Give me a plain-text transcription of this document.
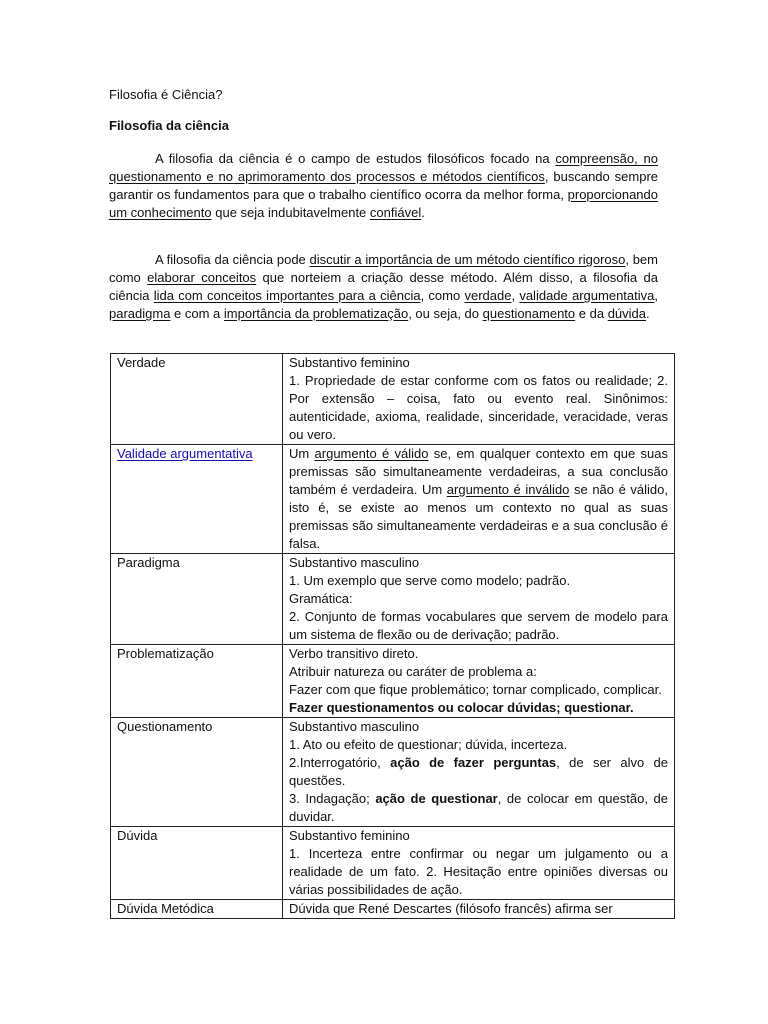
Filosofia é Ciência?
Filosofia da ciência

A filosofia da ciência é o campo de estudos filosóficos focado na compreensão, no questionamento e no aprimoramento dos processos e métodos científicos, buscando sempre garantir os fundamentos para que o trabalho científico ocorra da melhor forma, proporcionando um conhecimento que seja indubitavelmente confiável.

A filosofia da ciência pode discutir a importância de um método científico rigoroso, bem como elaborar conceitos que norteiem a criação desse método. Além disso, a filosofia da ciência lida com conceitos importantes para a ciência, como verdade, validade argumentativa, paradigma e com a importância da problematização, ou seja, do questionamento e da dúvida.

Verdade	Substantivo feminino
1. Propriedade de estar conforme com os fatos ou realidade; 2. Por extensão – coisa, fato ou evento real. Sinônimos: autenticidade, axioma, realidade, sinceridade, veracidade, veras ou vero.

Validade argumentativa	Um argumento é válido se, em qualquer contexto em que suas premissas são simultaneamente verdadeiras, a sua conclusão também é verdadeira. Um argumento é inválido se não é válido, isto é, se existe ao menos um contexto no qual as suas premissas são simultaneamente verdadeiras e a sua conclusão é falsa.

Paradigma	Substantivo masculino
1. Um exemplo que serve como modelo; padrão.
Gramática:
2. Conjunto de formas vocabulares que servem de modelo para um sistema de flexão ou de derivação; padrão.

Problematização	Verbo transitivo direto.
Atribuir natureza ou caráter de problema a:
Fazer com que fique problemático; tornar complicado, complicar.
Fazer questionamentos ou colocar dúvidas; questionar.

Questionamento	Substantivo masculino
1. Ato ou efeito de questionar; dúvida, incerteza.
2.Interrogatório, ação de fazer perguntas, de ser alvo de questões.
3. Indagação; ação de questionar, de colocar em questão, de duvidar.

Dúvida	Substantivo feminino
1. Incerteza entre confirmar ou negar um julgamento ou a realidade de um fato. 2. Hesitação entre opiniões diversas ou várias possibilidades de ação.

Dúvida Metódica	Dúvida que René Descartes (filósofo francês) afirma ser
